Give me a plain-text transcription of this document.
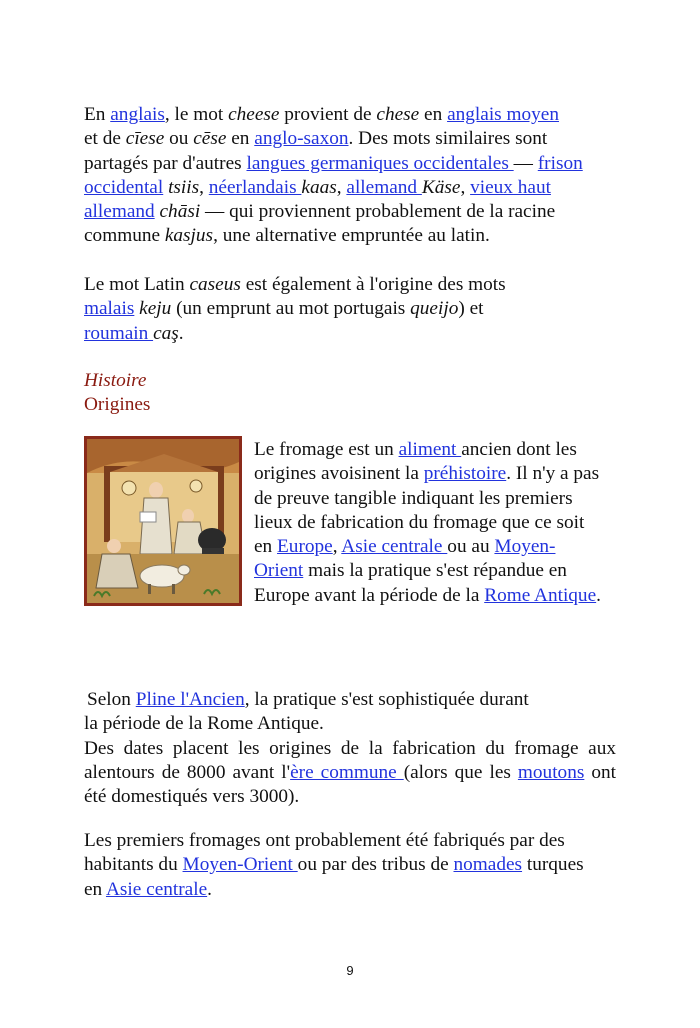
En anglais, le mot cheese provient de chese en anglais moyen
et de cīese ou cēse en anglo-saxon. Des mots similaires sont partagés par d'autres langues germaniques occidentales — frison occidental tsiis, néerlandais kaas, allemand Käse, vieux haut allemand chāsi — qui proviennent probablement de la racine commune kasjus, une alternative empruntée au latin.

Le mot Latin caseus est également à l'origine des mots
malais keju (un emprunt au mot portugais queijo) et
roumain caş.

Histoire
Origines
Le fromage est un aliment ancien dont les origines avoisinent la préhistoire. Il n'y a pas de preuve tangible indiquant les premiers lieux de fabrication du fromage que ce soit en Europe, Asie centrale ou au Moyen-Orient mais la pratique s'est répandue en Europe avant la période de la Rome Antique.

Selon Pline l'Ancien, la pratique s'est sophistiquée durant

la période de la Rome Antique.

Des dates placent les origines de la fabrication du fromage aux alentours de 8000 avant l'ère commune (alors que les moutons ont été domestiqués vers 3000).

Les premiers fromages ont probablement été fabriqués par des habitants du Moyen-Orient ou par des tribus de nomades turques en Asie centrale.

9
